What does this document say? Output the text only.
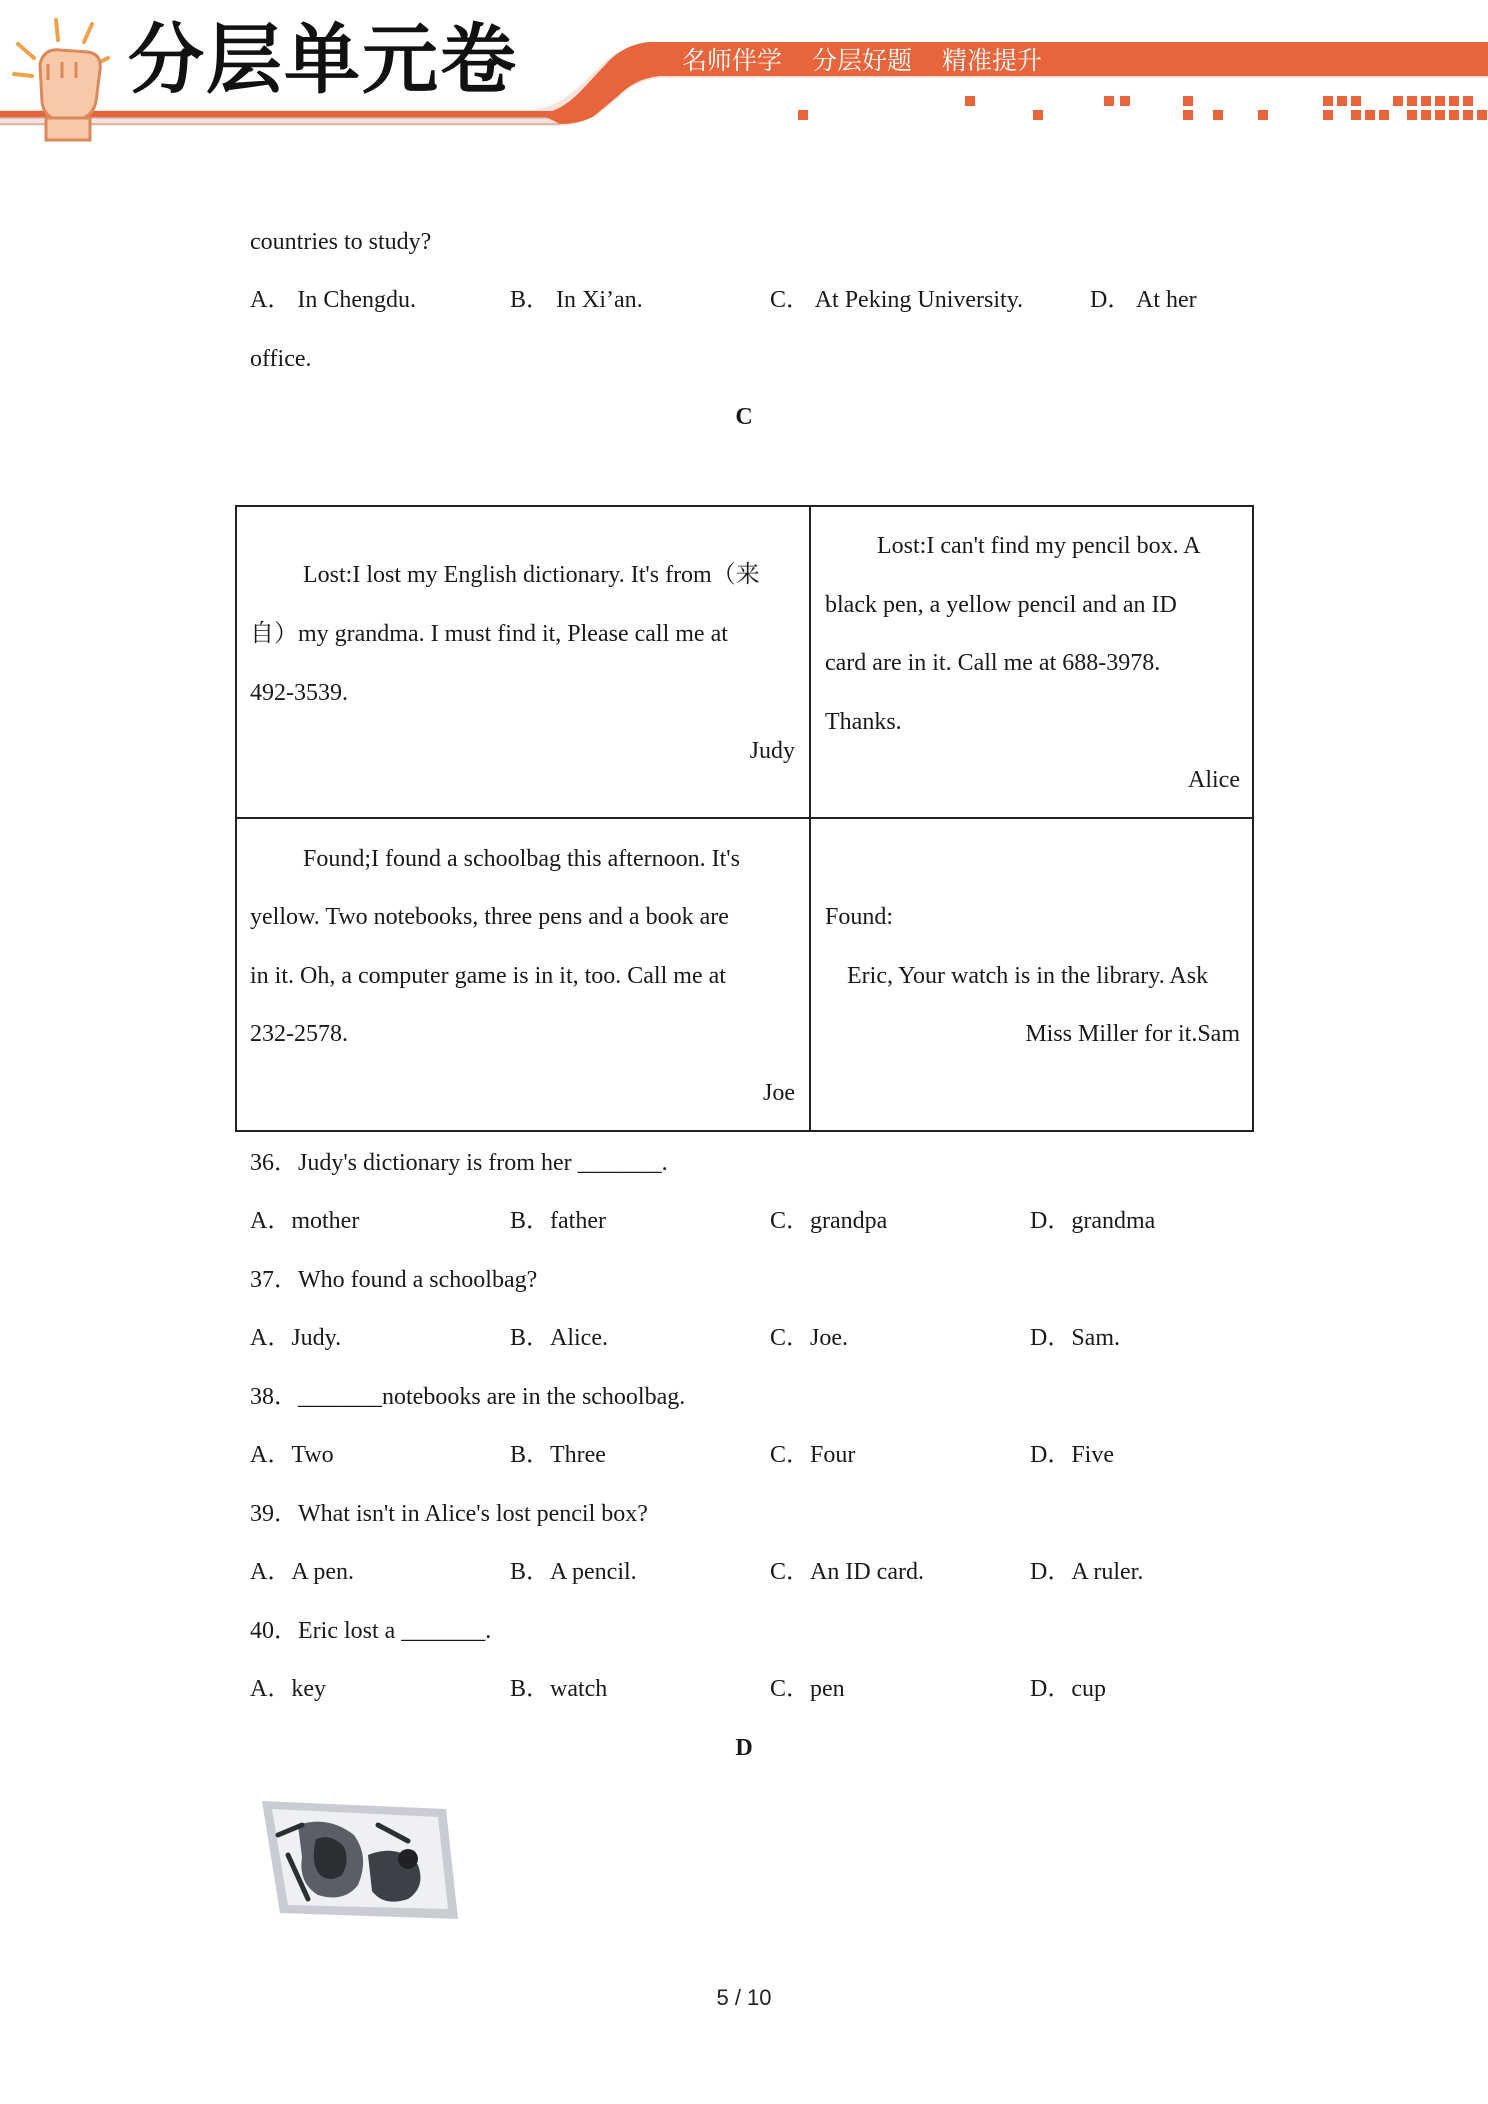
分层单元卷	名师伴学 分层好题 精准提升
countries to study?
A． In Chengdu.	B． In Xi’an.	C． At Peking University.	D． At her
office.
C
Lost:I lost my English dictionary. It's from（来
自）my grandma. I must find it, Please call me at
492-3539.
Judy
Lost:I can't find my pencil box. A
black pen, a yellow pencil and an ID
card are in it. Call me at 688-3978.
Thanks.
Alice
Found;I found a schoolbag this afternoon. It's
yellow. Two notebooks, three pens and a book are
in it. Oh, a computer game is in it, too. Call me at
232-2578.
Joe
Found:
Eric, Your watch is in the library. Ask
Miss Miller for it.Sam
36．Judy's dictionary is from her _______.
A．mother	B．father	C．grandpa	D．grandma
37．Who found a schoolbag?
A．Judy.	B．Alice.	C．Joe.	D．Sam.
38．_______notebooks are in the schoolbag.
A．Two	B．Three	C．Four	D．Five
39．What isn't in Alice's lost pencil box?
A．A pen.	B．A pencil.	C．An ID card.	D．A ruler.
40．Eric lost a _______.
A．key	B．watch	C．pen	D．cup
D
5 / 10
